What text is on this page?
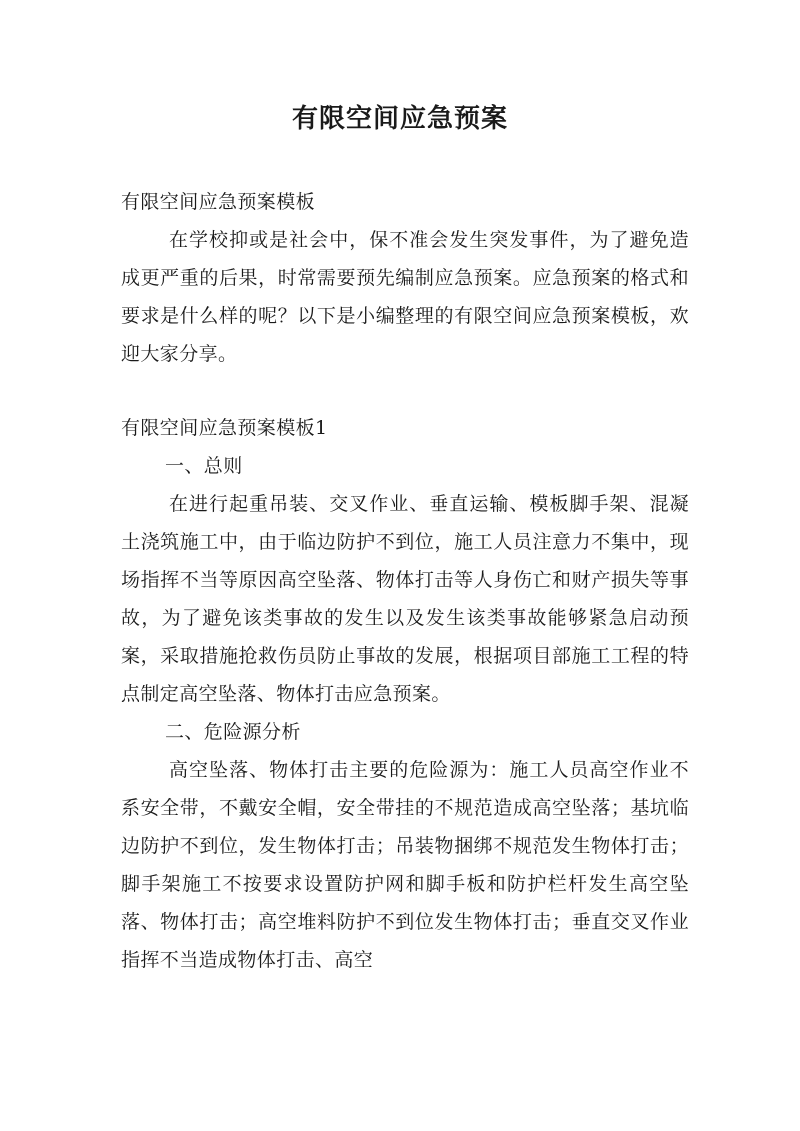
有限空间应急预案

有限空间应急预案模板

在学校抑或是社会中，保不准会发生突发事件，为了避免造成更严重的后果，时常需要预先编制应急预案。应急预案的格式和要求是什么样的呢？以下是小编整理的有限空间应急预案模板，欢迎大家分享。

有限空间应急预案模板1

一、总则

在进行起重吊装、交叉作业、垂直运输、模板脚手架、混凝土浇筑施工中，由于临边防护不到位，施工人员注意力不集中，现场指挥不当等原因高空坠落、物体打击等人身伤亡和财产损失等事故，为了避免该类事故的发生以及发生该类事故能够紧急启动预案，采取措施抢救伤员防止事故的发展，根据项目部施工工程的特点制定高空坠落、物体打击应急预案。

二、危险源分析

高空坠落、物体打击主要的危险源为：施工人员高空作业不系安全带，不戴安全帽，安全带挂的不规范造成高空坠落；基坑临边防护不到位，发生物体打击；吊装物捆绑不规范发生物体打击；脚手架施工不按要求设置防护网和脚手板和防护栏杆发生高空坠落、物体打击；高空堆料防护不到位发生物体打击；垂直交叉作业指挥不当造成物体打击、高空
